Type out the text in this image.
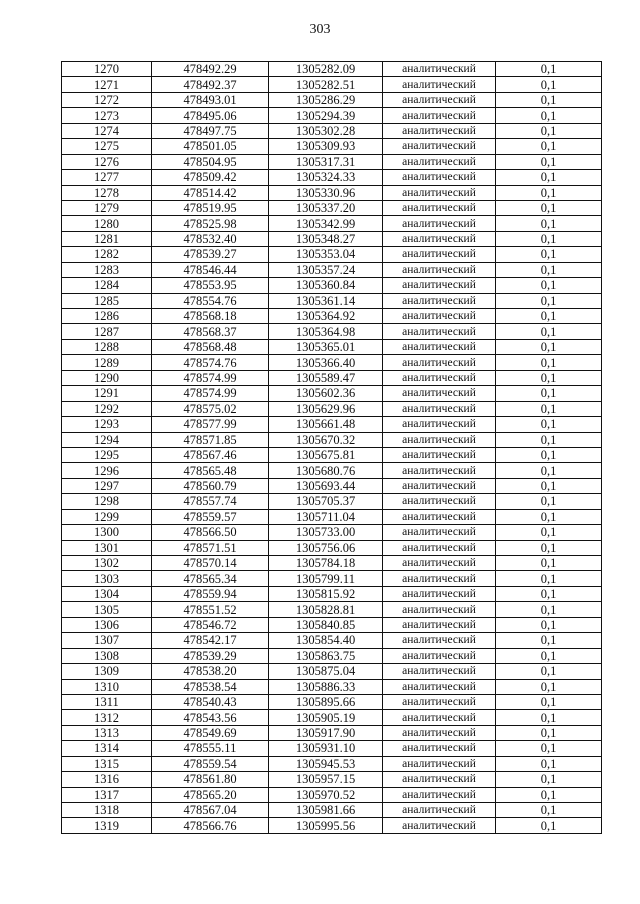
303
1270	478492.29	1305282.09	аналитический	0,1
1271	478492.37	1305282.51	аналитический	0,1
1272	478493.01	1305286.29	аналитический	0,1
1273	478495.06	1305294.39	аналитический	0,1
1274	478497.75	1305302.28	аналитический	0,1
1275	478501.05	1305309.93	аналитический	0,1
1276	478504.95	1305317.31	аналитический	0,1
1277	478509.42	1305324.33	аналитический	0,1
1278	478514.42	1305330.96	аналитический	0,1
1279	478519.95	1305337.20	аналитический	0,1
1280	478525.98	1305342.99	аналитический	0,1
1281	478532.40	1305348.27	аналитический	0,1
1282	478539.27	1305353.04	аналитический	0,1
1283	478546.44	1305357.24	аналитический	0,1
1284	478553.95	1305360.84	аналитический	0,1
1285	478554.76	1305361.14	аналитический	0,1
1286	478568.18	1305364.92	аналитический	0,1
1287	478568.37	1305364.98	аналитический	0,1
1288	478568.48	1305365.01	аналитический	0,1
1289	478574.76	1305366.40	аналитический	0,1
1290	478574.99	1305589.47	аналитический	0,1
1291	478574.99	1305602.36	аналитический	0,1
1292	478575.02	1305629.96	аналитический	0,1
1293	478577.99	1305661.48	аналитический	0,1
1294	478571.85	1305670.32	аналитический	0,1
1295	478567.46	1305675.81	аналитический	0,1
1296	478565.48	1305680.76	аналитический	0,1
1297	478560.79	1305693.44	аналитический	0,1
1298	478557.74	1305705.37	аналитический	0,1
1299	478559.57	1305711.04	аналитический	0,1
1300	478566.50	1305733.00	аналитический	0,1
1301	478571.51	1305756.06	аналитический	0,1
1302	478570.14	1305784.18	аналитический	0,1
1303	478565.34	1305799.11	аналитический	0,1
1304	478559.94	1305815.92	аналитический	0,1
1305	478551.52	1305828.81	аналитический	0,1
1306	478546.72	1305840.85	аналитический	0,1
1307	478542.17	1305854.40	аналитический	0,1
1308	478539.29	1305863.75	аналитический	0,1
1309	478538.20	1305875.04	аналитический	0,1
1310	478538.54	1305886.33	аналитический	0,1
1311	478540.43	1305895.66	аналитический	0,1
1312	478543.56	1305905.19	аналитический	0,1
1313	478549.69	1305917.90	аналитический	0,1
1314	478555.11	1305931.10	аналитический	0,1
1315	478559.54	1305945.53	аналитический	0,1
1316	478561.80	1305957.15	аналитический	0,1
1317	478565.20	1305970.52	аналитический	0,1
1318	478567.04	1305981.66	аналитический	0,1
1319	478566.76	1305995.56	аналитический	0,1
